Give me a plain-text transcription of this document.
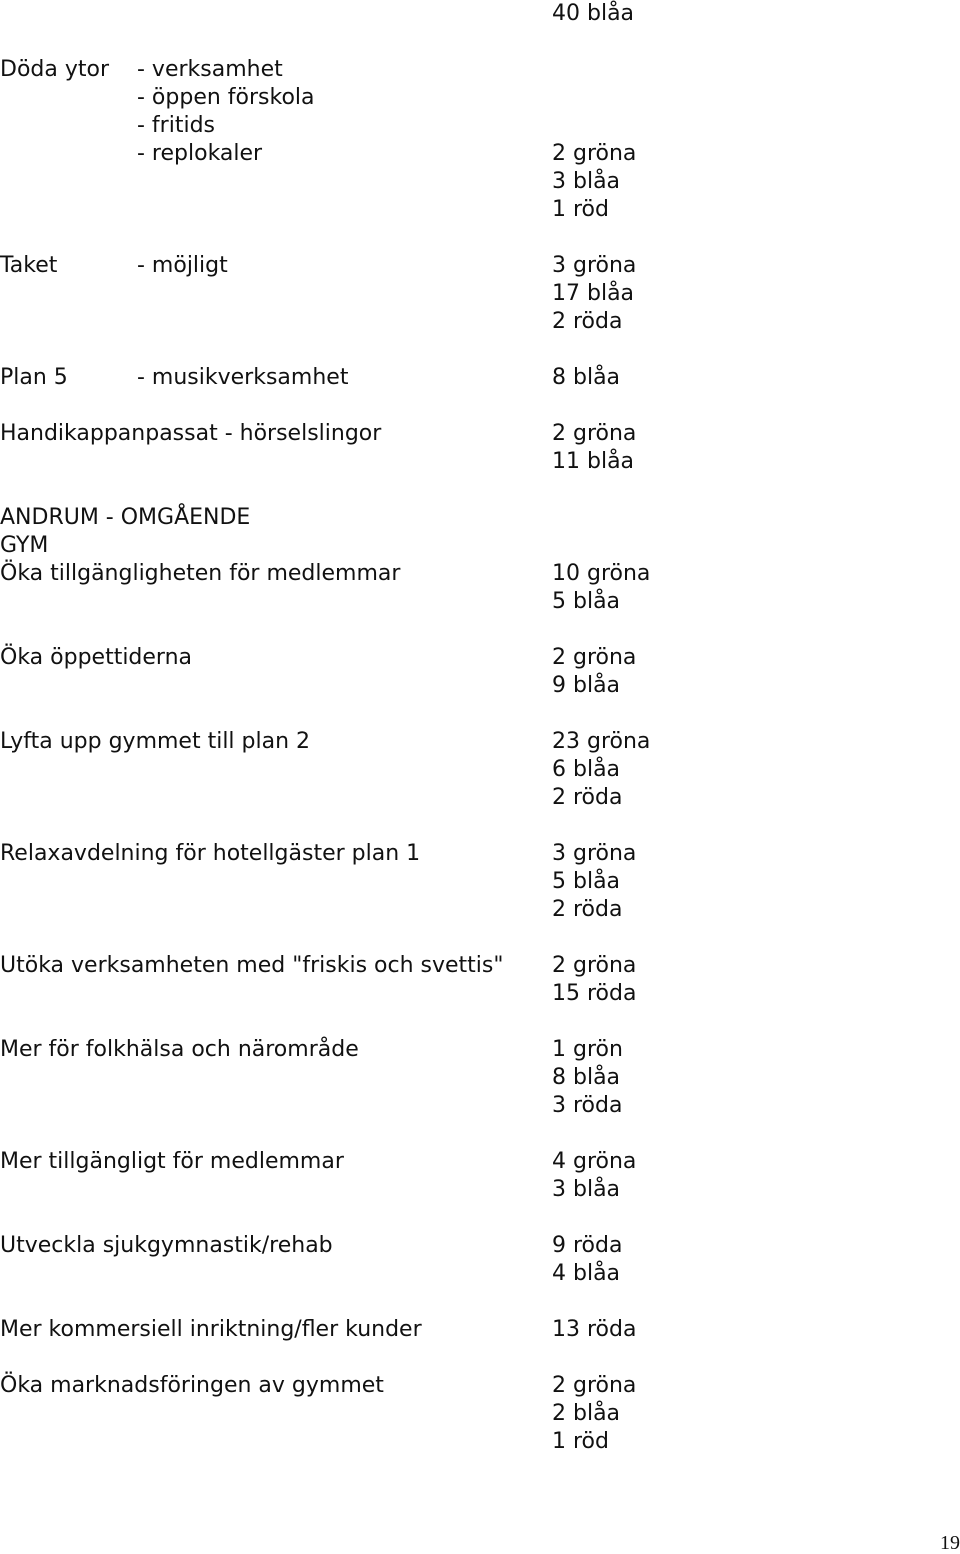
40 blåa
Döda ytor - verksamhet
- öppen förskola
- fritids
- replokaler	2 gröna
3 blåa
1 röd
Taket	- möjligt	3 gröna
17 blåa
2 röda
Plan 5	- musikverksamhet	8 blåa
Handikappanpassat - hörselslingor	2 gröna
11 blåa
ANDRUM - OMGÅENDE
GYM
Öka tillgängligheten för medlemmar	10 gröna
5 blåa
Öka öppettiderna	2 gröna
9 blåa
Lyfta upp gymmet till plan 2	23 gröna
6 blåa
2 röda
Relaxavdelning för hotellgäster plan 1	3 gröna
5 blåa
2 röda
Utöka verksamheten med "friskis och svettis" 2 gröna
15 röda
Mer för folkhälsa och närområde	1 grön
8 blåa
3 röda
Mer tillgängligt för medlemmar	4 gröna
3 blåa
Utveckla sjukgymnastik/rehab	9 röda
4 blåa
Mer kommersiell inriktning/fler kunder	13 röda
Öka marknadsföringen av gymmet	2 gröna
2 blåa
1 röd
19
